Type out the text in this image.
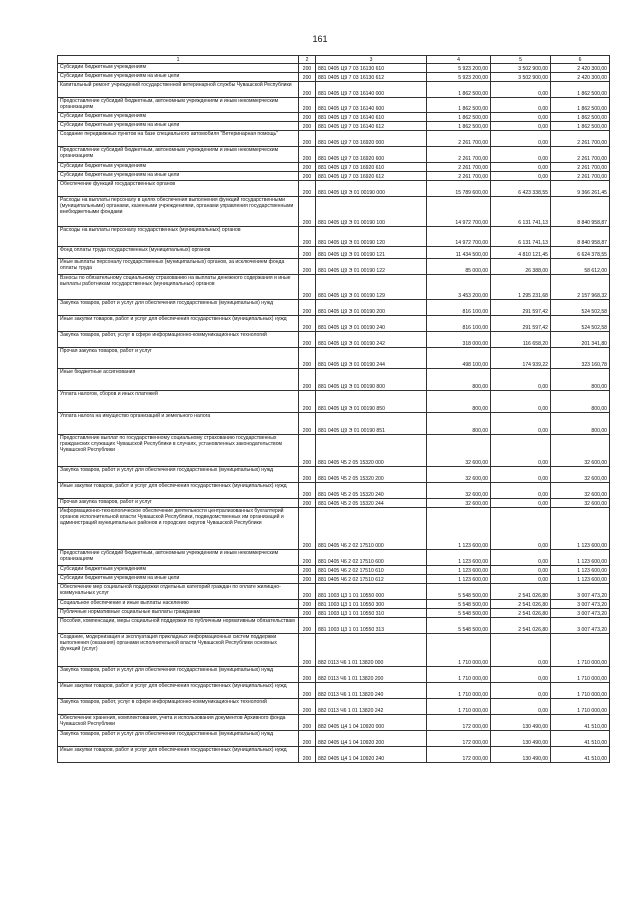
161
1	2	3	4	5	6
Субсидии бюджетным учреждениям	200	881 0405 Ц9 7 03 16130 610	5 923 200,00	3 502 900,00	2 420 300,00
Субсидии бюджетным учреждениям на иные цели	200	881 0405 Ц9 7 03 16130 612	5 923 200,00	3 502 900,00	2 420 300,00
Капитальный ремонт учреждений государственной ветеринарной службы Чувашской Республики	200	881 0405 Ц9 7 03 16140 000	1 862 500,00	0,00	1 862 500,00
Предоставление субсидий бюджетным, автономным учреждениям и иным некоммерческим организациям	200	881 0405 Ц9 7 03 16140 600	1 862 500,00	0,00	1 862 500,00
Субсидии бюджетным учреждениям	200	881 0405 Ц9 7 03 16140 610	1 862 500,00	0,00	1 862 500,00
Субсидии бюджетным учреждениям на иные цели	200	881 0405 Ц9 7 03 16140 612	1 862 500,00	0,00	1 862 500,00
Создание передвижных пунктов на базе специального автомобиля "Ветеринарная помощь"	200	881 0405 Ц9 7 03 16920 000	2 261 700,00	0,00	2 261 700,00
Предоставление субсидий бюджетным, автономным учреждениям и иным некоммерческим организациям	200	881 0405 Ц9 7 03 16920 600	2 261 700,00	0,00	2 261 700,00
Субсидии бюджетным учреждениям	200	881 0405 Ц9 7 03 16920 610	2 261 700,00	0,00	2 261 700,00
Субсидии бюджетным учреждениям на иные цели	200	881 0405 Ц9 7 03 16920 612	2 261 700,00	0,00	2 261 700,00
Обеспечение функций государственных органов	200	881 0405 Ц9 Э 01 00190 000	15 789 600,00	6 423 338,55	9 366 261,45
Расходы на выплаты персоналу в целях обеспечения выполнения функций государственными (муниципальными) органами, казенными учреждениями, органами управления государственными внебюджетными фондами	200	881 0405 Ц9 Э 01 00190 100	14 972 700,00	6 131 741,13	8 840 958,87
Расходы на выплаты персоналу государственных (муниципальных) органов	200	881 0405 Ц9 Э 01 00190 120	14 972 700,00	6 131 741,13	8 840 958,87
Фонд оплаты труда государственных (муниципальных) органов	200	881 0405 Ц9 Э 01 00190 121	11 434 500,00	4 810 121,45	6 624 378,55
Иные выплаты персоналу государственных (муниципальных) органов, за исключением фонда оплаты труда	200	881 0405 Ц9 Э 01 00190 122	85 000,00	26 388,00	58 612,00
Взносы по обязательному социальному страхованию на выплаты денежного содержания и иные выплаты работникам государственных (муниципальных) органов	200	881 0405 Ц9 Э 01 00190 129	3 453 200,00	1 295 231,68	2 157 968,32
Закупка товаров, работ и услуг для обеспечения государственных (муниципальных) нужд	200	881 0405 Ц9 Э 01 00190 200	816 100,00	291 597,42	524 502,58
Иные закупки товаров, работ и услуг для обеспечения государственных (муниципальных) нужд	200	881 0405 Ц9 Э 01 00190 240	816 100,00	291 597,42	524 502,58
Закупка товаров, работ, услуг в сфере информационно-коммуникационных технологий	200	881 0405 Ц9 Э 01 00190 242	318 000,00	116 658,20	201 341,80
Прочая закупка товаров, работ и услуг	200	881 0405 Ц9 Э 01 00190 244	498 100,00	174 939,22	323 160,78
Иные бюджетные ассигнования	200	881 0405 Ц9 Э 01 00190 800	800,00	0,00	800,00
Уплата налогов, сборов и иных платежей	200	881 0405 Ц9 Э 01 00190 850	800,00	0,00	800,00
Уплата налога на имущество организаций и земельного налога	200	881 0405 Ц9 Э 01 00190 851	800,00	0,00	800,00
Предоставление выплат по государственному социальному страхованию государственных гражданских служащих Чувашской Республики в случаях, установленных законодательством Чувашской Республики	200	881 0405 Ч5 2 05 15320 000	32 600,00	0,00	32 600,00
Закупка товаров, работ и услуг для обеспечения государственных (муниципальных) нужд	200	881 0405 Ч5 2 05 15320 200	32 600,00	0,00	32 600,00
Иные закупки товаров, работ и услуг для обеспечения государственных (муниципальных) нужд	200	881 0405 Ч5 2 05 15320 240	32 600,00	0,00	32 600,00
Прочая закупка товаров, работ и услуг	200	881 0405 Ч5 2 05 15320 244	32 600,00	0,00	32 600,00
Информационно-технологическое обеспечение деятельности централизованных бухгалтерий органов исполнительной власти Чувашской Республики, подведомственных им организаций и администраций муниципальных районов и городских округов Чувашской Республики	200	881 0405 Ч6 2 02 17510 000	1 123 600,00	0,00	1 123 600,00
Предоставление субсидий бюджетным, автономным учреждениям и иным некоммерческим организациям	200	881 0405 Ч6 2 02 17510 600	1 123 600,00	0,00	1 123 600,00
Субсидии бюджетным учреждениям	200	881 0405 Ч6 2 02 17510 610	1 123 600,00	0,00	1 123 600,00
Субсидии бюджетным учреждениям на иные цели	200	881 0405 Ч6 2 02 17510 612	1 123 600,00	0,00	1 123 600,00
Обеспечение мер социальной поддержки отдельных категорий граждан по оплате жилищно-коммунальных услуг	200	881 1003 Ц3 1 01 10550 000	5 548 500,00	2 541 026,80	3 007 473,20
Социальное обеспечение и иные выплаты населению	200	881 1003 Ц3 1 01 10550 300	5 548 500,00	2 541 026,80	3 007 473,20
Публичные нормативные социальные выплаты гражданам	200	881 1003 Ц3 1 01 10550 310	5 548 500,00	2 541 026,80	3 007 473,20
Пособия, компенсации, меры социальной поддержки по публичным нормативным обязательствам	200	881 1003 Ц3 1 01 10550 313	5 548 500,00	2 541 026,80	3 007 473,20
Создание, модернизация и эксплуатация прикладных информационных систем поддержки выполнения (оказания) органами исполнительной власти Чувашской Республики основных функций (услуг)	200	882 0113 Ч6 1 01 13820 000	1 710 000,00	0,00	1 710 000,00
Закупка товаров, работ и услуг для обеспечения государственных (муниципальных) нужд	200	882 0113 Ч6 1 01 13820 200	1 710 000,00	0,00	1 710 000,00
Иные закупки товаров, работ и услуг для обеспечения государственных (муниципальных) нужд	200	882 0113 Ч6 1 01 13820 240	1 710 000,00	0,00	1 710 000,00
Закупка товаров, работ, услуг в сфере информационно-коммуникационных технологий	200	882 0113 Ч6 1 01 13820 242	1 710 000,00	0,00	1 710 000,00
Обеспечение хранения, комплектования, учета и использования документов Архивного фонда Чувашской Республики	200	882 0405 Ц4 1 04 10920 000	172 000,00	130 490,00	41 510,00
Закупка товаров, работ и услуг для обеспечения государственных (муниципальных) нужд	200	882 0405 Ц4 1 04 10920 200	172 000,00	130 490,00	41 510,00
Иные закупки товаров, работ и услуг для обеспечения государственных (муниципальных) нужд	200	882 0405 Ц4 1 04 10920 240	172 000,00	130 490,00	41 510,00
